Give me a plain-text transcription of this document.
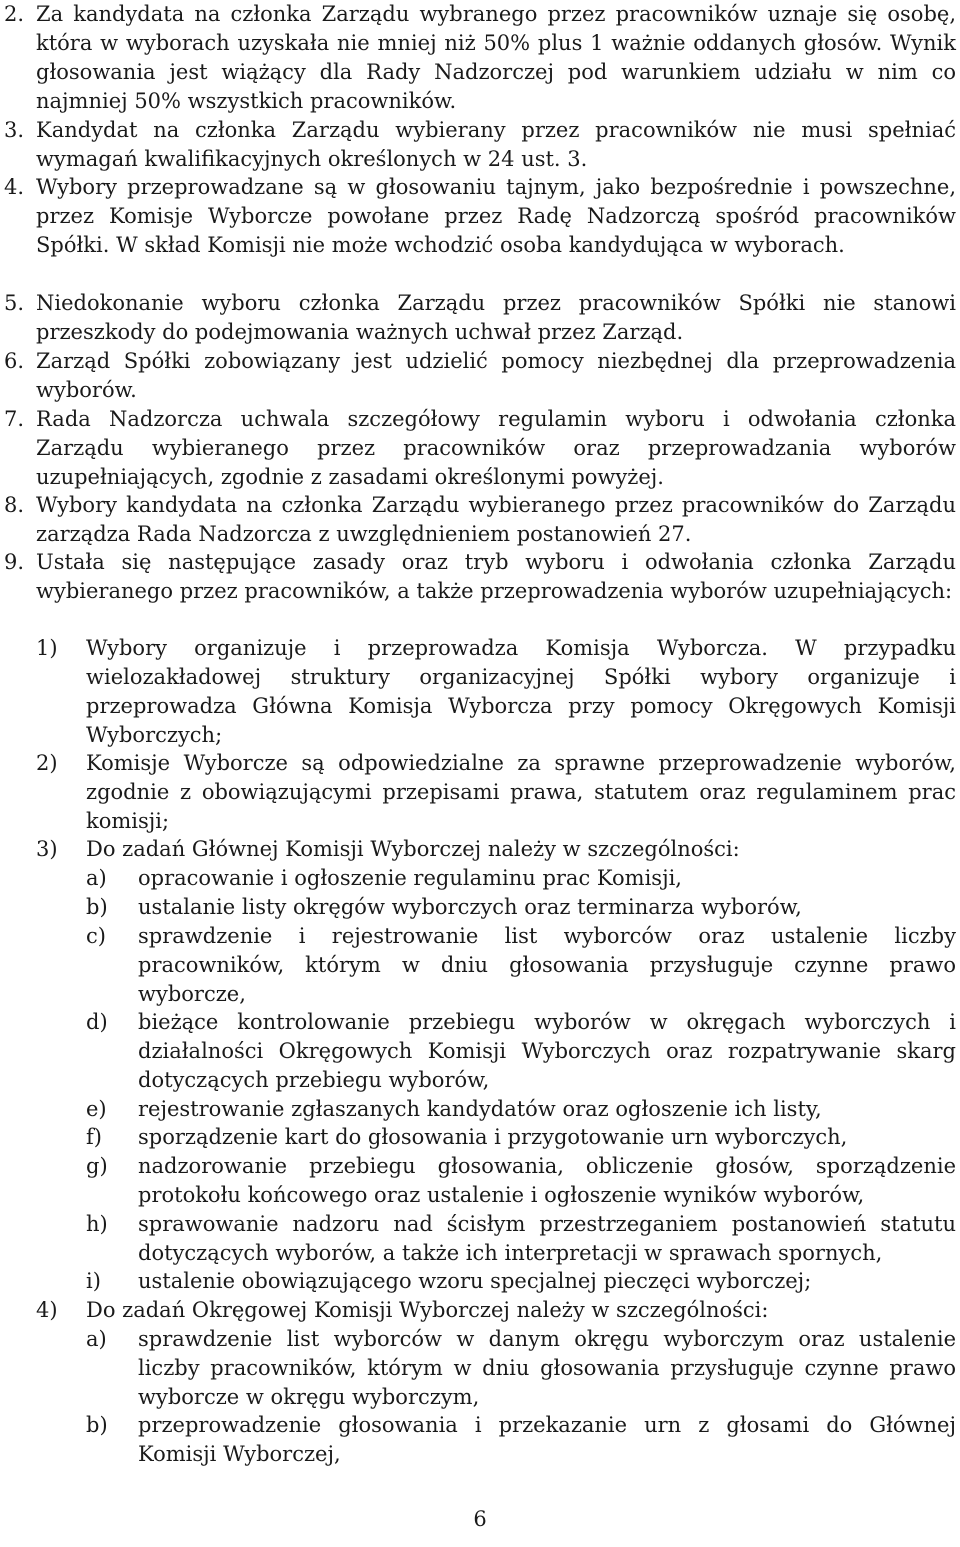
2. Za kandydata na członka Zarządu wybranego przez pracowników uznaje się osobę, która w wyborach uzyskała nie mniej niż 50% plus 1 ważnie oddanych głosów. Wynik głosowania jest wiążący dla Rady Nadzorczej pod warunkiem udziału w nim co najmniej 50% wszystkich pracowników.
3. Kandydat na członka Zarządu wybierany przez pracowników nie musi spełniać wymagań kwalifikacyjnych określonych w 24 ust. 3.
4. Wybory przeprowadzane są w głosowaniu tajnym, jako bezpośrednie i powszechne, przez Komisje Wyborcze powołane przez Radę Nadzorczą spośród pracowników Spółki. W skład Komisji nie może wchodzić osoba kandydująca w wyborach.
5. Niedokonanie wyboru członka Zarządu przez pracowników Spółki nie stanowi przeszkody do podejmowania ważnych uchwał przez Zarząd.
6. Zarząd Spółki zobowiązany jest udzielić pomocy niezbędnej dla przeprowadzenia wyborów.
7. Rada Nadzorcza uchwala szczegółowy regulamin wyboru i odwołania członka Zarządu wybieranego przez pracowników oraz przeprowadzania wyborów uzupełniających, zgodnie z zasadami określonymi powyżej.
8. Wybory kandydata na członka Zarządu wybieranego przez pracowników do Zarządu zarządza Rada Nadzorcza z uwzględnieniem postanowień 27.
9. Ustała się następujące zasady oraz tryb wyboru i odwołania członka Zarządu wybieranego przez pracowników, a także przeprowadzenia wyborów uzupełniających:
1) Wybory organizuje i przeprowadza Komisja Wyborcza. W przypadku wielozakładowej struktury organizacyjnej Spółki wybory organizuje i przeprowadza Główna Komisja Wyborcza przy pomocy Okręgowych Komisji Wyborczych;
2) Komisje Wyborcze są odpowiedzialne za sprawne przeprowadzenie wyborów, zgodnie z obowiązującymi przepisami prawa, statutem oraz regulaminem prac komisji;
3) Do zadań Głównej Komisji Wyborczej należy w szczególności:
a) opracowanie i ogłoszenie regulaminu prac Komisji,
b) ustalanie listy okręgów wyborczych oraz terminarza wyborów,
c) sprawdzenie i rejestrowanie list wyborców oraz ustalenie liczby pracowników, którym w dniu głosowania przysługuje czynne prawo wyborcze,
d) bieżące kontrolowanie przebiegu wyborów w okręgach wyborczych i działalności Okręgowych Komisji Wyborczych oraz rozpatrywanie skarg dotyczących przebiegu wyborów,
e) rejestrowanie zgłaszanych kandydatów oraz ogłoszenie ich listy,
f) sporządzenie kart do głosowania i przygotowanie urn wyborczych,
g) nadzorowanie przebiegu głosowania, obliczenie głosów, sporządzenie protokołu końcowego oraz ustalenie i ogłoszenie wyników wyborów,
h) sprawowanie nadzoru nad ścisłym przestrzeganiem postanowień statutu dotyczących wyborów, a także ich interpretacji w sprawach spornych,
i) ustalenie obowiązującego wzoru specjalnej pieczęci wyborczej;
4) Do zadań Okręgowej Komisji Wyborczej należy w szczególności:
a) sprawdzenie list wyborców w danym okręgu wyborczym oraz ustalenie liczby pracowników, którym w dniu głosowania przysługuje czynne prawo wyborcze w okręgu wyborczym,
b) przeprowadzenie głosowania i przekazanie urn z głosami do Głównej Komisji Wyborczej,
6
